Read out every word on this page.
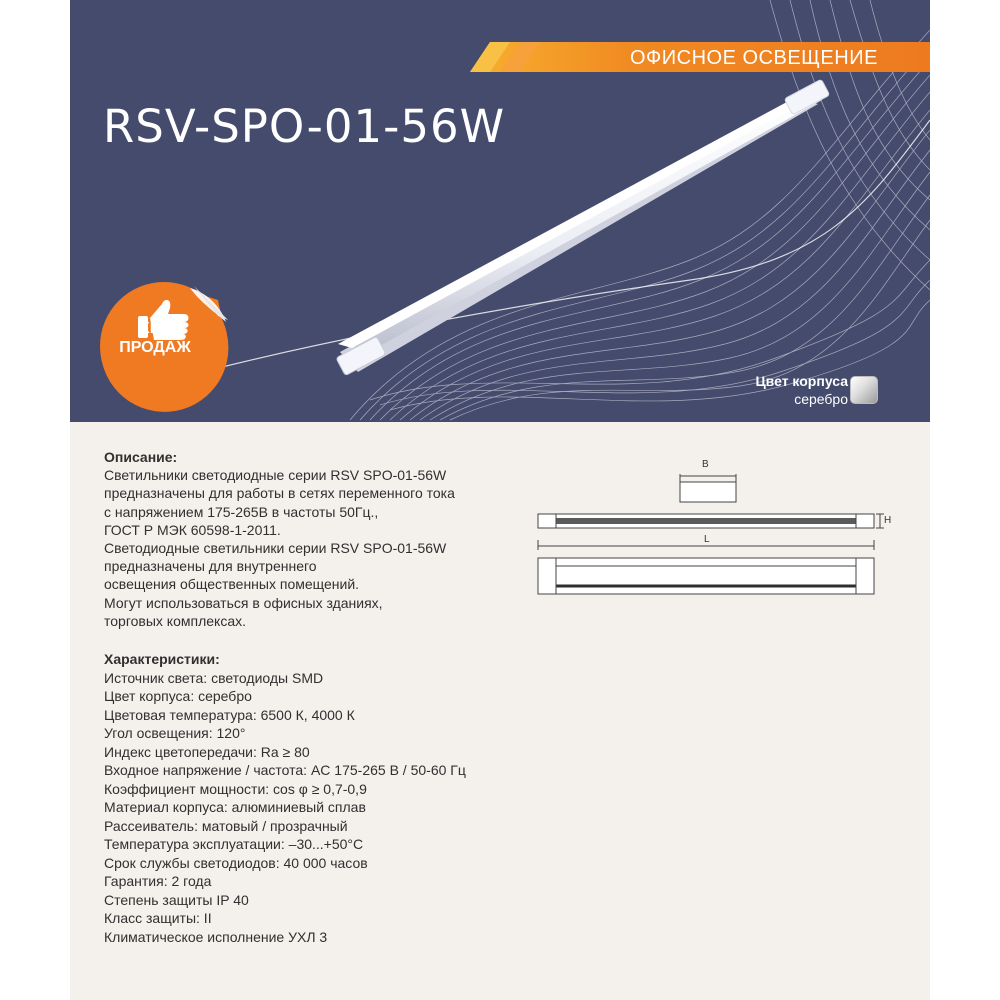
ОФИСНОЕ ОСВЕЩЕНИЕ
RSV-SPO-01-56W
ХИТ
ПРОДАЖ
Цвет корпуса
серебро
Описание:
Светильники светодиодные серии RSV SPO-01-56W
предназначены для работы в сетях переменного тока
с напряжением 175-265В в частоты 50Гц.,
ГОСТ Р МЭК 60598-1-2011.
Светодиодные светильники серии RSV SPO-01-56W
предназначены для внутреннего
освещения общественных помещений.
Могут использоваться в офисных зданиях,
торговых комплексах.
B
H
L
Характеристики:
Источник света: светодиоды SMD
Цвет корпуса: серебро
Цветовая температура: 6500 К, 4000 К
Угол освещения: 120°
Индекс цветопередачи: Ra ≥ 80
Входное напряжение / частота: AC 175-265 В / 50-60 Гц
Коэффициент мощности: cos φ ≥ 0,7-0,9
Материал корпуса: алюминиевый сплав
Рассеиватель: матовый / прозрачный
Температура эксплуатации: –30...+50°C
Срок службы светодиодов: 40 000 часов
Гарантия: 2 года
Степень защиты IP 40
Класс защиты: II
Климатическое исполнение УХЛ 3
